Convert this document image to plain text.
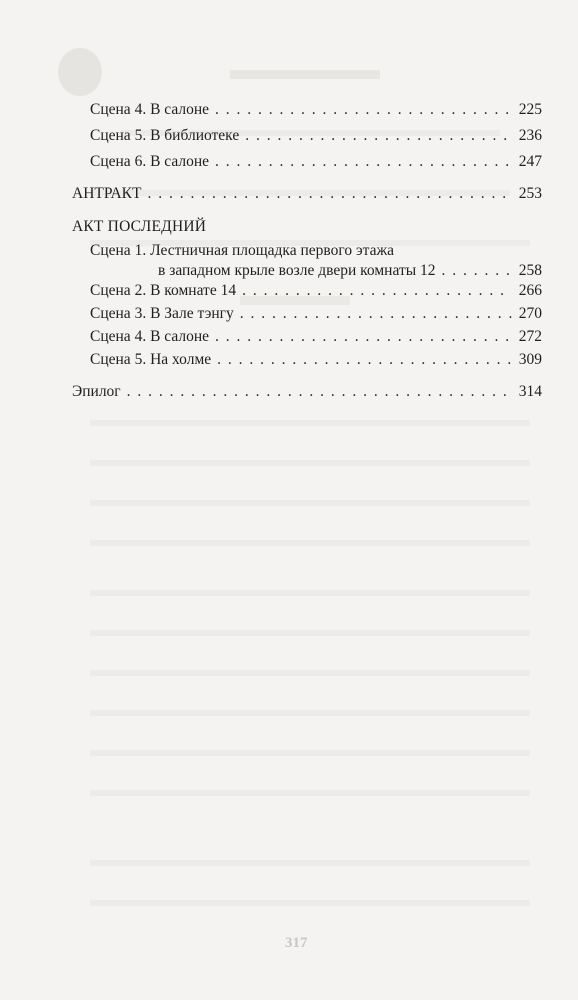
Сцена 4. В салоне . . .	225
Сцена 5. В библиотеке . . .	236
Сцена 6. В салоне . . .	247
АНТРАКТ . . .	253
АКТ ПОСЛЕДНИЙ
Сцена 1. Лестничная площадка первого этажа
в западном крыле возле двери комнаты 12 . . .	258
Сцена 2. В комнате 14 . . .	266
Сцена 3. В Зале тэнгу . . .	270
Сцена 4. В салоне . . .	272
Сцена 5. На холме . . .	309
Эпилог . . .	314
317
